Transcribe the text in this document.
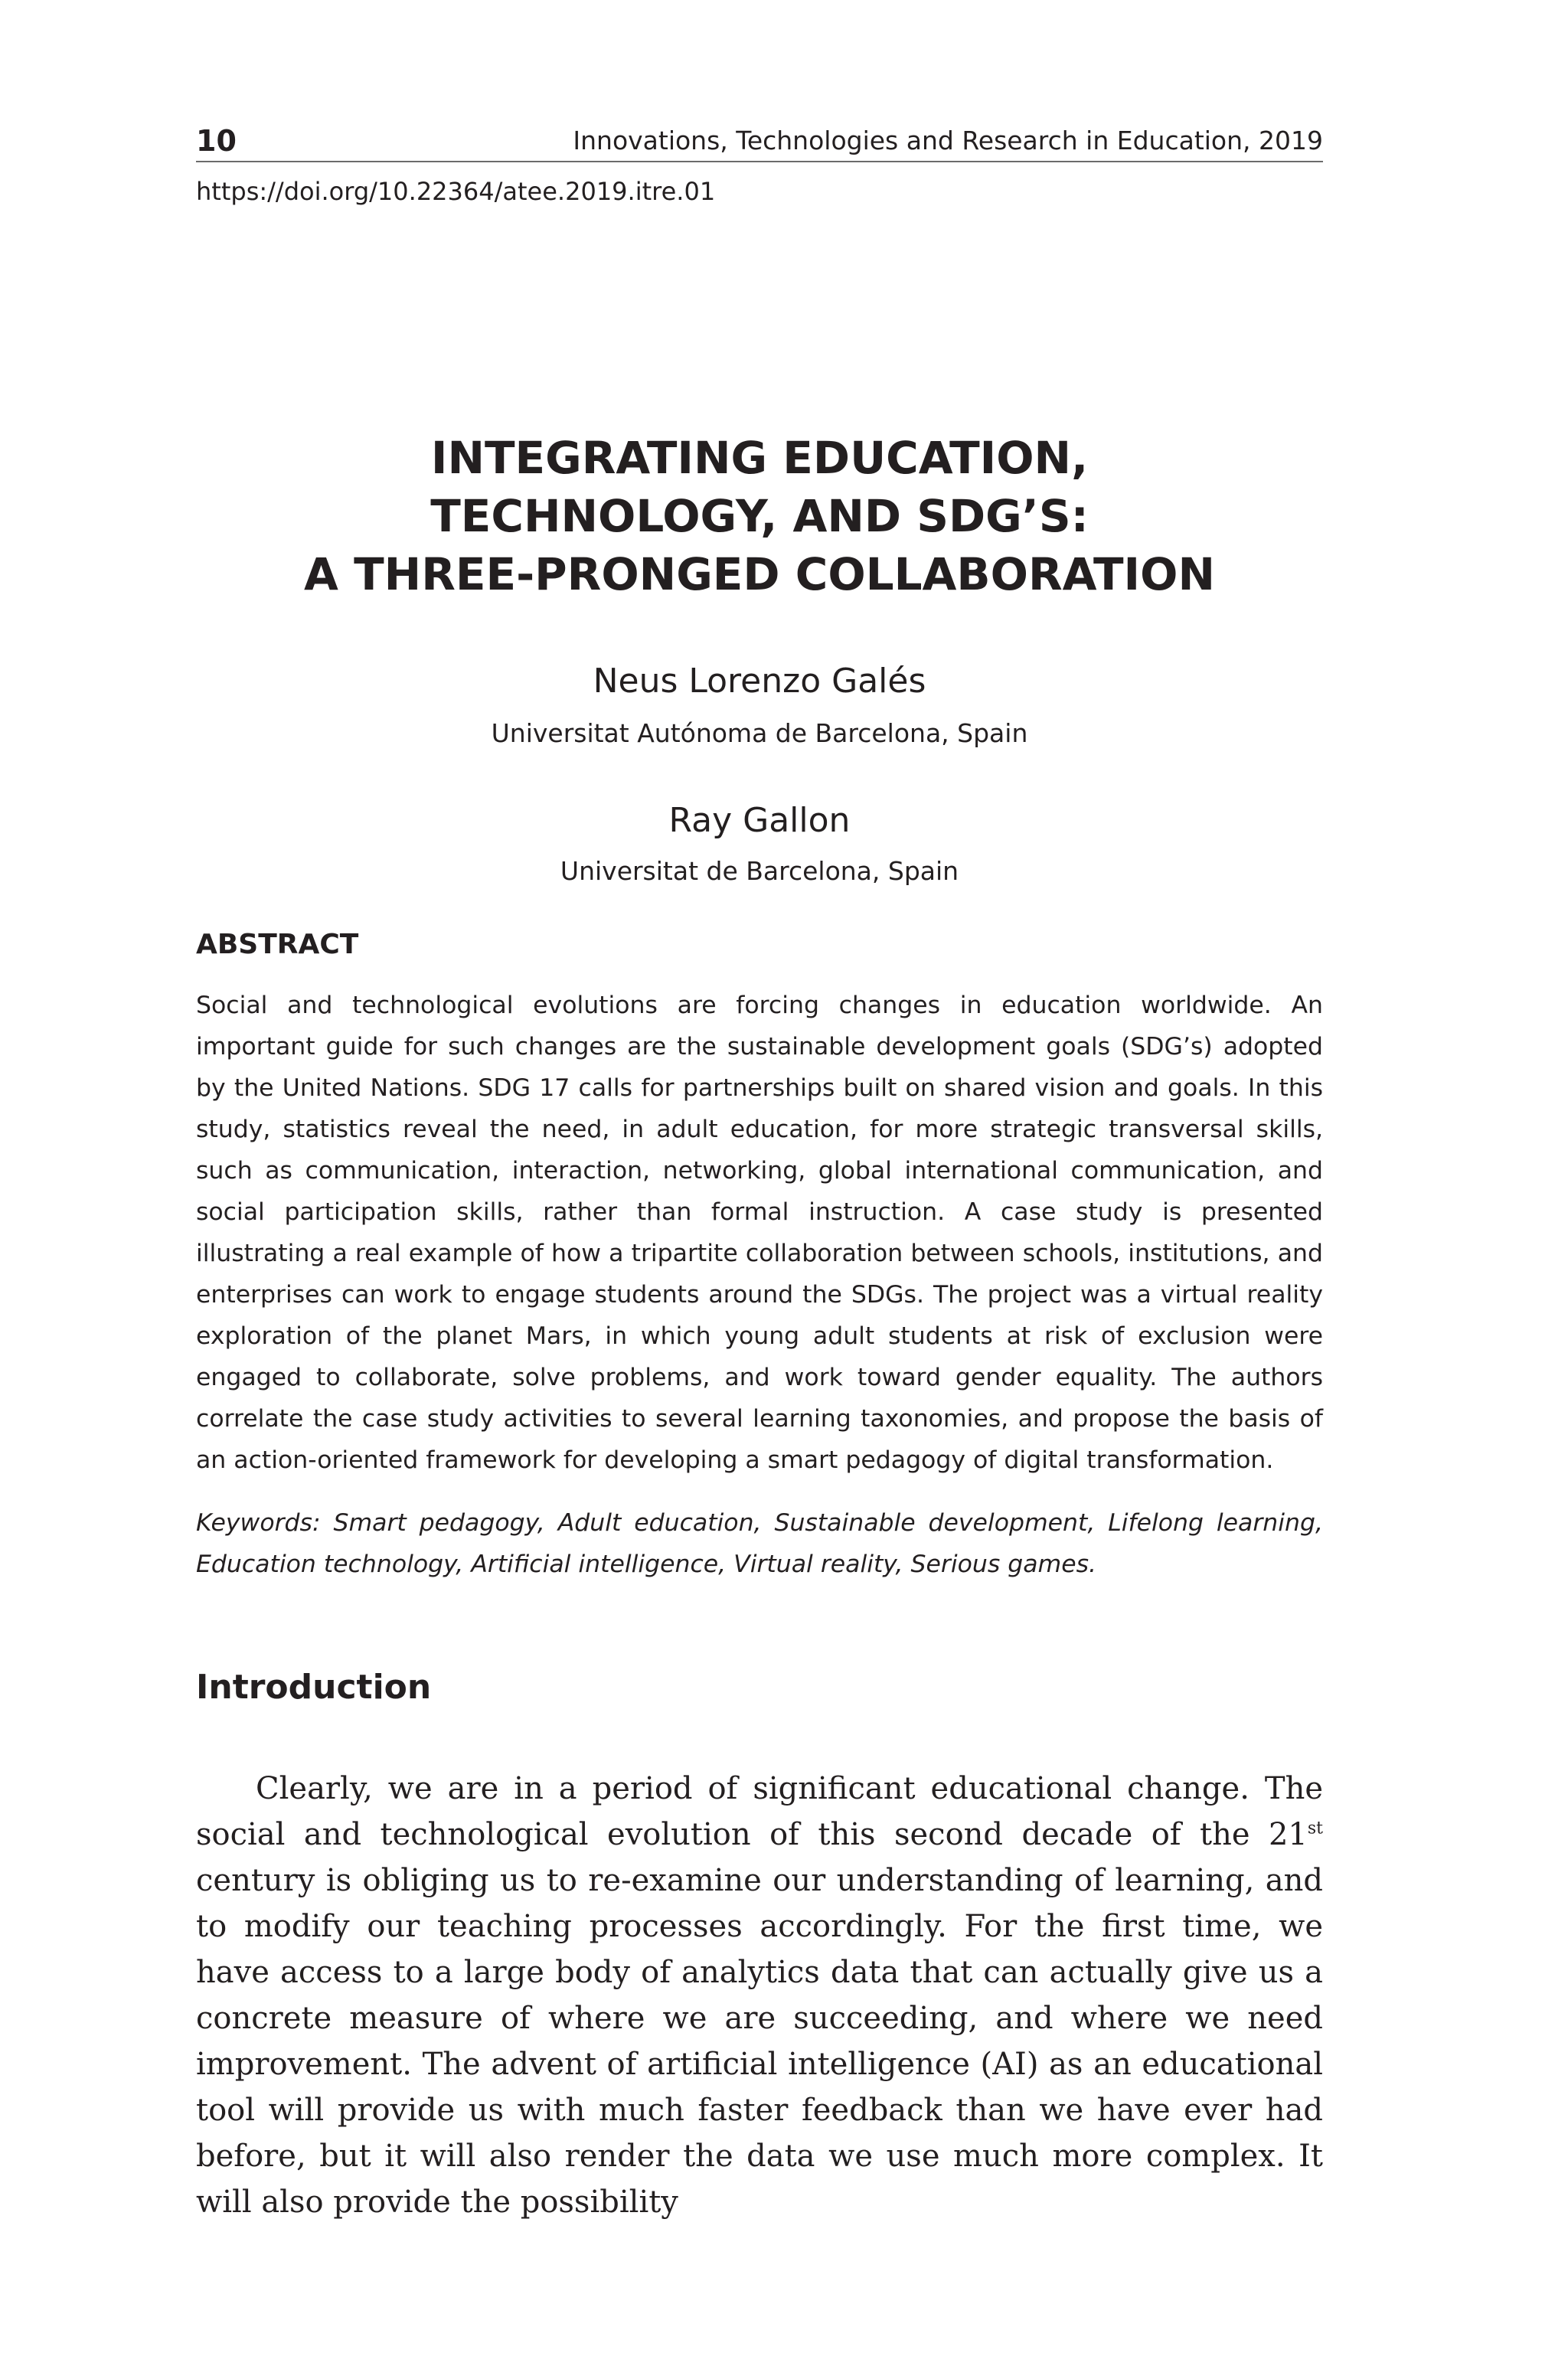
10	Innovations, Technologies and Research in Education, 2019
https://doi.org/10.22364/atee.2019.itre.01
INTEGRATING EDUCATION,
TECHNOLOGY, AND SDG’S:
A THREE-PRONGED COLLABORATION
Neus Lorenzo Galés
Universitat Autónoma de Barcelona, Spain
Ray Gallon
Universitat de Barcelona, Spain
ABSTRACT

Social and technological evolutions are forcing changes in education worldwide. An important guide for such changes are the sustainable development goals (SDG’s) adopted by the United Nations. SDG 17 calls for partnerships built on shared vision and goals. In this study, statistics reveal the need, in adult education, for more strategic transversal skills, such as communication, interaction, networking, global international communication, and social participation skills, rather than formal instruction. A case study is presented illustrating a real example of how a tripartite collaboration between schools, institutions, and enterprises can work to engage students around the SDGs. The project was a virtual reality exploration of the planet Mars, in which young adult students at risk of exclusion were engaged to collaborate, solve problems, and work toward gender equality. The authors correlate the case study activities to several learning taxonomies, and propose the basis of an action-oriented framework for developing a smart pedagogy of digital transformation.

Keywords: Smart pedagogy, Adult education, Sustainable development, Lifelong learning, Education technology, Artificial intelligence, Virtual reality, Serious games.

Introduction

Clearly, we are in a period of significant educational change. The social and technological evolution of this second decade of the 21st century is obliging us to re-examine our understanding of learning, and to modify our teaching processes accordingly. For the first time, we have access to a large body of analytics data that can actually give us a concrete measure of where we are succeeding, and where we need improvement. The advent of artificial intelligence (AI) as an educational tool will provide us with much faster feedback than we have ever had before, but it will also render the data we use much more complex. It will also provide the possibility
